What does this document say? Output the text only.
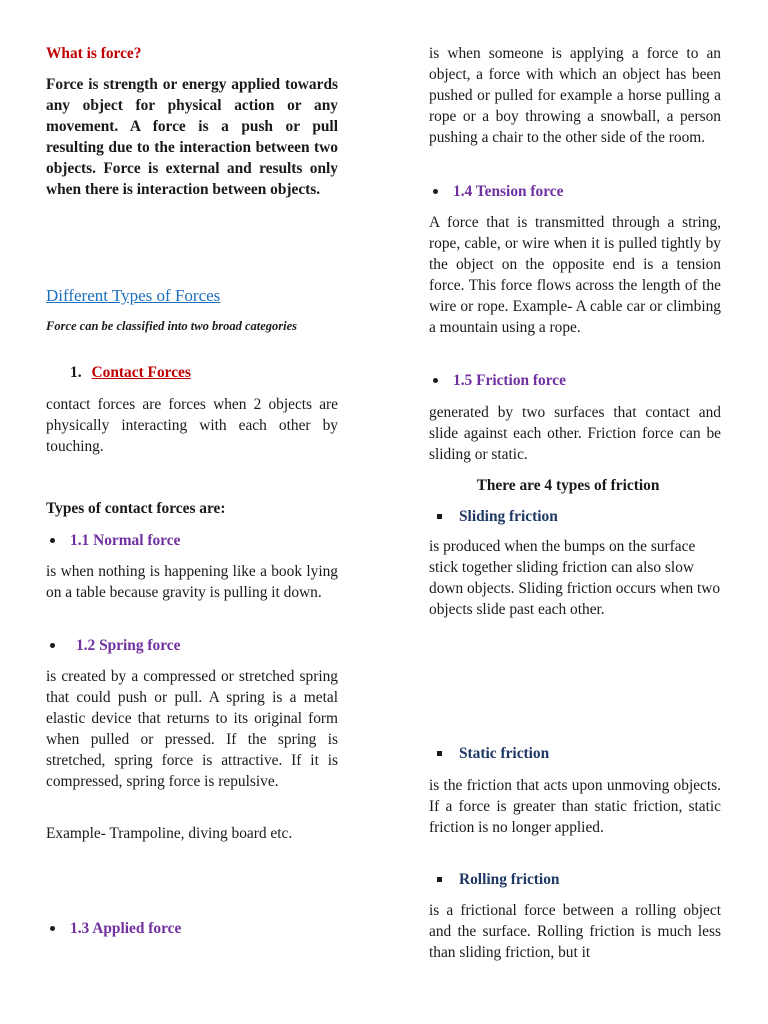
What is force?

Force is strength or energy applied towards any object for physical action or any movement. A force is a push or pull resulting due to the interaction between two objects. Force is external and results only when there is interaction between objects.

Different Types of Forces

Force can be classified into two broad categories

1. Contact Forces

contact forces are forces when 2 objects are physically interacting with each other by touching.

Types of contact forces are:

1.1 Normal force

is when nothing is happening like a book lying on a table because gravity is pulling it down.

1.2 Spring force

is created by a compressed or stretched spring that could push or pull. A spring is a metal elastic device that returns to its original form when pulled or pressed. If the spring is stretched, spring force is attractive. If it is compressed, spring force is repulsive.

Example- Trampoline, diving board etc.

1.3 Applied force

is when someone is applying a force to an object, a force with which an object has been pushed or pulled for example a horse pulling a rope or a boy throwing a snowball, a person pushing a chair to the other side of the room.

1.4 Tension force

A force that is transmitted through a string, rope, cable, or wire when it is pulled tightly by the object on the opposite end is a tension force. This force flows across the length of the wire or rope. Example- A cable car or climbing a mountain using a rope.

1.5 Friction force

generated by two surfaces that contact and slide against each other. Friction force can be sliding or static.

There are 4 types of friction

Sliding friction

is produced when the bumps on the surface stick together sliding friction can also slow down objects. Sliding friction occurs when two objects slide past each other.

Static friction

is the friction that acts upon unmoving objects. If a force is greater than static friction, static friction is no longer applied.

Rolling friction

is a frictional force between a rolling object and the surface. Rolling friction is much less than sliding friction, but it
